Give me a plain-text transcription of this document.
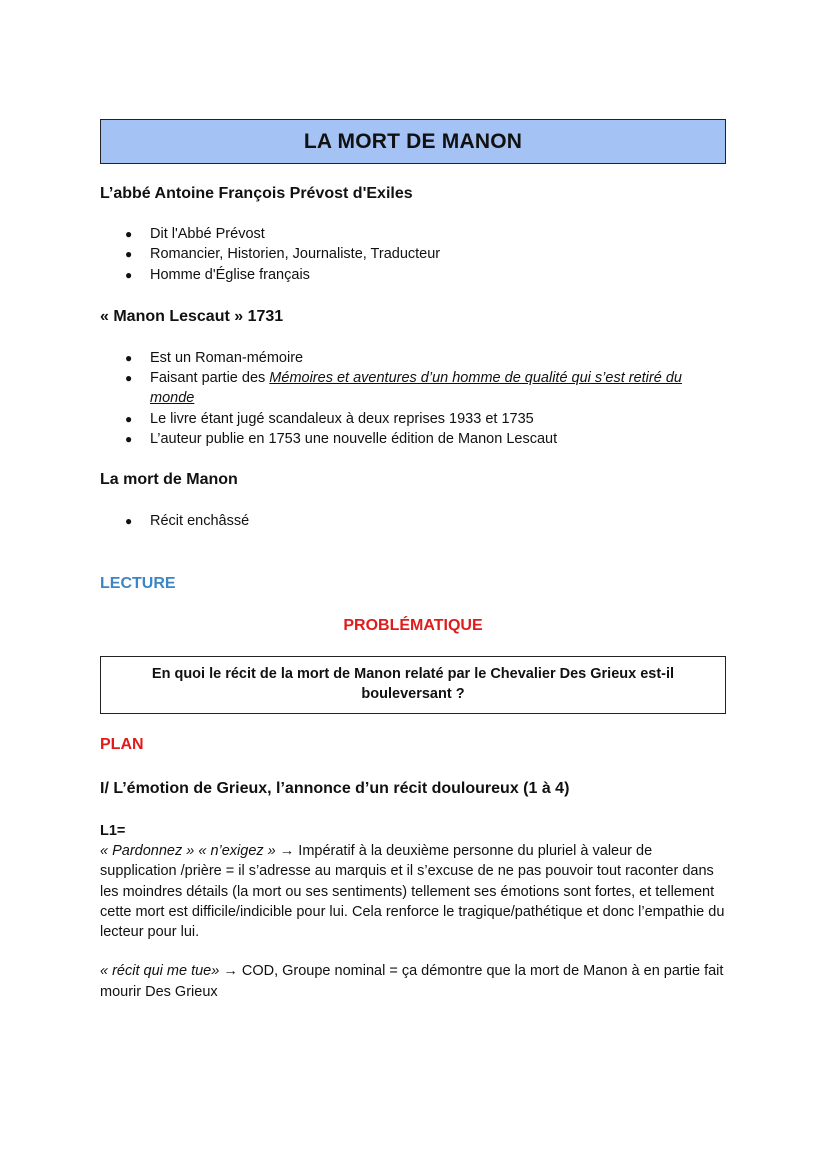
LA MORT DE MANON
L’abbé Antoine François Prévost d'Exiles
● Dit l'Abbé Prévost
● Romancier, Historien, Journaliste, Traducteur
● Homme d'Église français
« Manon Lescaut » 1731
● Est un Roman-mémoire
● Faisant partie des Mémoires et aventures d’un homme de qualité qui s’est retiré du
monde
● Le livre étant jugé scandaleux à deux reprises 1933 et 1735
● L’auteur publie en 1753 une nouvelle édition de Manon Lescaut
La mort de Manon
● Récit enchâssé
LECTURE
PROBLÉMATIQUE
En quoi le récit de la mort de Manon relaté par le Chevalier Des Grieux est-il bouleversant ?
PLAN
I/ L’émotion de Grieux, l’annonce d’un récit douloureux (1 à 4)

L1=
« Pardonnez » « n’exigez » → Impératif à la deuxième personne du pluriel à valeur de supplication /prière = il s’adresse au marquis et il s’excuse de ne pas pouvoir tout raconter dans les moindres détails (la mort ou ses sentiments) tellement ses émotions sont fortes, et tellement cette mort est difficile/indicible pour lui. Cela renforce le tragique/pathétique et donc l’empathie du lecteur pour lui.

« récit qui me tue» → COD, Groupe nominal = ça démontre que la mort de Manon à en partie fait mourir Des Grieux
